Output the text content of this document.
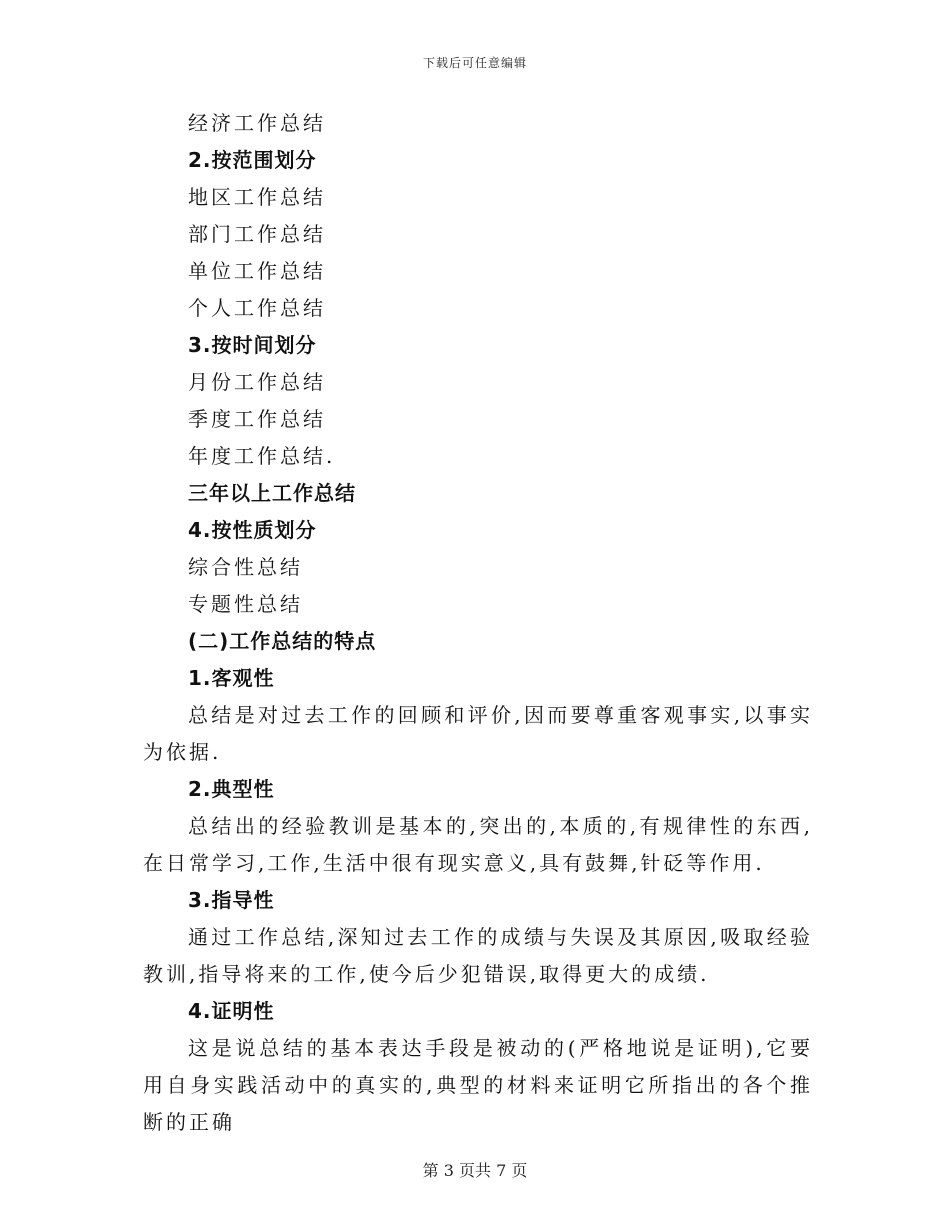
下载后可任意编辑
经济工作总结
2.按范围划分
地区工作总结
部门工作总结
单位工作总结
个人工作总结
3.按时间划分
月份工作总结
季度工作总结
年度工作总结.
三年以上工作总结
4.按性质划分
综合性总结
专题性总结
(二)工作总结的特点
1.客观性

总结是对过去工作的回顾和评价,因而要尊重客观事实,以事实为依据.

2.典型性

总结出的经验教训是基本的,突出的,本质的,有规律性的东西,在日常学习,工作,生活中很有现实意义,具有鼓舞,针砭等作用.

3.指导性

通过工作总结,深知过去工作的成绩与失误及其原因,吸取经验教训,指导将来的工作,使今后少犯错误,取得更大的成绩.

4.证明性

这是说总结的基本表达手段是被动的(严格地说是证明),它要用自身实践活动中的真实的,典型的材料来证明它所指出的各个推断的正确

第 3 页共 7 页
